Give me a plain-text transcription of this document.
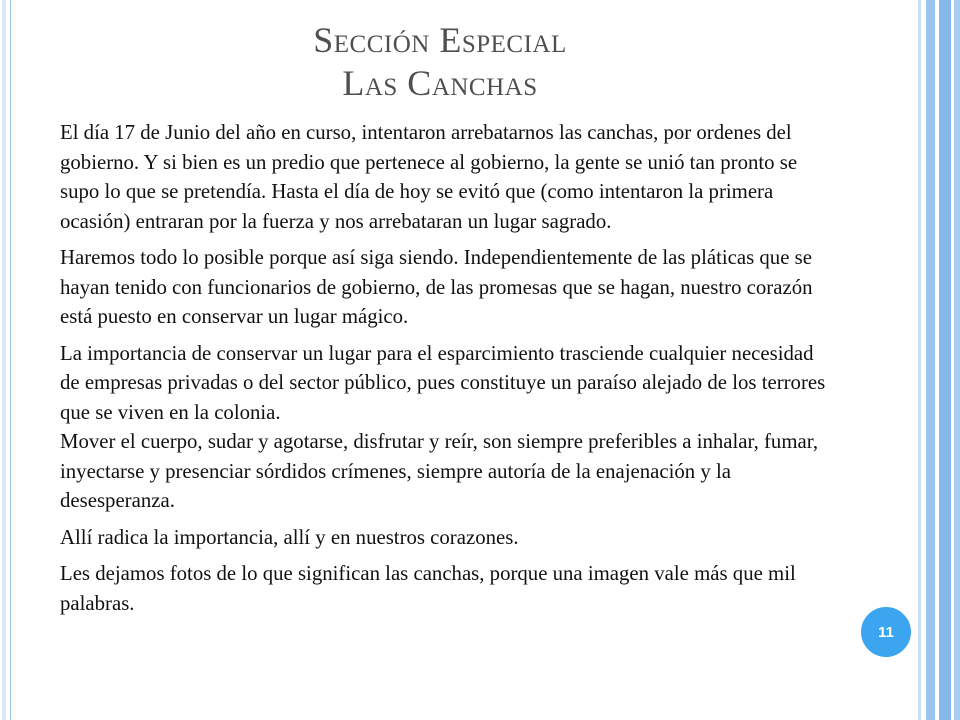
Sección Especial
Las Canchas

El día 17 de Junio del año en curso, intentaron arrebatarnos las canchas, por ordenes del gobierno. Y si bien es un predio que pertenece al gobierno, la gente se unió tan pronto se supo lo que se pretendía. Hasta el día de hoy se evitó que (como intentaron la primera ocasión) entraran por la fuerza y nos arrebataran un lugar sagrado.

Haremos todo lo posible porque así siga siendo. Independientemente de las pláticas que se hayan tenido con funcionarios de gobierno, de las promesas que se hagan, nuestro corazón está puesto en conservar un lugar mágico.

La importancia de conservar un lugar para el esparcimiento trasciende cualquier necesidad de empresas privadas o del sector público, pues constituye un paraíso alejado de los terrores que se viven en la colonia.

Mover el cuerpo, sudar y agotarse, disfrutar y reír, son siempre preferibles a inhalar, fumar, inyectarse y presenciar sórdidos crímenes, siempre autoría de la enajenación y la desesperanza.

Allí radica la importancia, allí y en nuestros corazones.

Les dejamos fotos de lo que significan las canchas, porque una imagen vale más que mil palabras.

11
